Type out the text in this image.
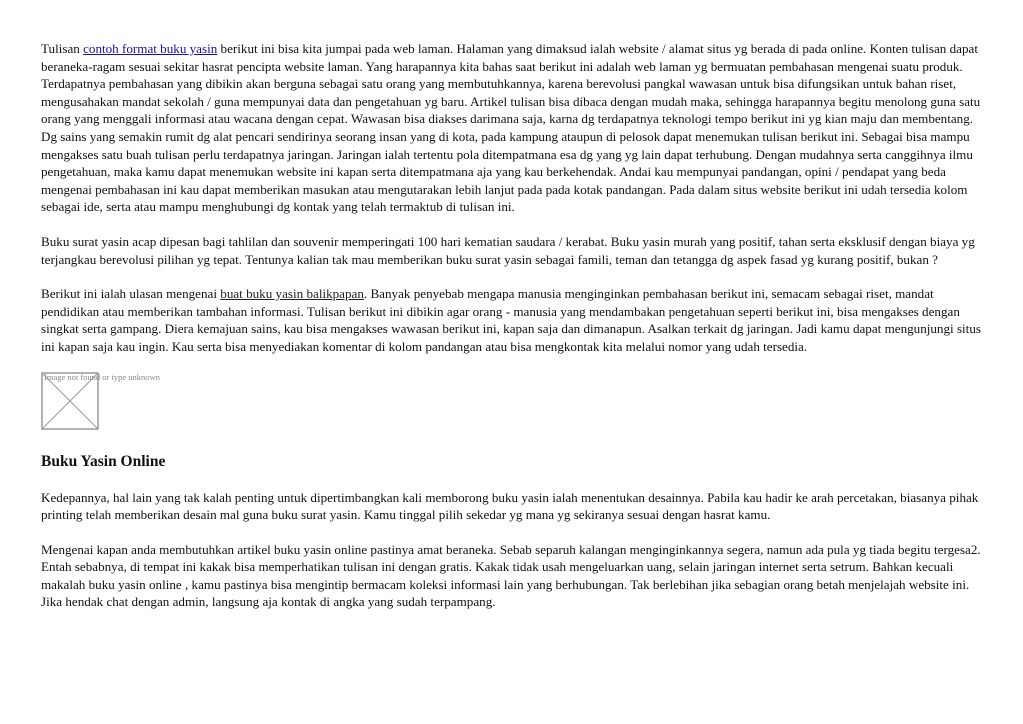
Tulisan contoh format buku yasin berikut ini bisa kita jumpai pada web laman. Halaman yang dimaksud ialah website / alamat situs yg berada di pada online. Konten tulisan dapat beraneka-ragam sesuai sekitar hasrat pencipta website laman. Yang harapannya kita bahas saat berikut ini adalah web laman yg bermuatan pembahasan mengenai suatu produk. Terdapatnya pembahasan yang dibikin akan berguna sebagai satu orang yang membutuhkannya, karena berevolusi pangkal wawasan untuk bisa difungsikan untuk bahan riset, mengusahakan mandat sekolah / guna mempunyai data dan pengetahuan yg baru. Artikel tulisan bisa dibaca dengan mudah maka, sehingga harapannya begitu menolong guna satu orang yang menggali informasi atau wacana dengan cepat. Wawasan bisa diakses darimana saja, karna dg terdapatnya teknologi tempo berikut ini yg kian maju dan membentang. Dg sains yang semakin rumit dg alat pencari sendirinya seorang insan yang di kota, pada kampung ataupun di pelosok dapat menemukan tulisan berikut ini. Sebagai bisa mampu mengakses satu buah tulisan perlu terdapatnya jaringan. Jaringan ialah tertentu pola ditempatmana esa dg yang yg lain dapat terhubung. Dengan mudahnya serta canggihnya ilmu pengetahuan, maka kamu dapat menemukan website ini kapan serta ditempatmana aja yang kau berkehendak. Andai kau mempunyai pandangan, opini / pendapat yang beda mengenai pembahasan ini kau dapat memberikan masukan atau mengutarakan lebih lanjut pada pada kotak pandangan. Pada dalam situs website berikut ini udah tersedia kolom sebagai ide, serta atau mampu menghubungi dg kontak yang telah termaktub di tulisan ini.

Buku surat yasin acap dipesan bagi tahlilan dan souvenir memperingati 100 hari kematian saudara / kerabat. Buku yasin murah yang positif, tahan serta eksklusif dengan biaya yg terjangkau berevolusi pilihan yg tepat. Tentunya kalian tak mau memberikan buku surat yasin sebagai famili, teman dan tetangga dg aspek fasad yg kurang positif, bukan ?

Berikut ini ialah ulasan mengenai buat buku yasin balikpapan. Banyak penyebab mengapa manusia menginginkan pembahasan berikut ini, semacam sebagai riset, mandat pendidikan atau memberikan tambahan informasi. Tulisan berikut ini dibikin agar orang - manusia yang mendambakan pengetahuan seperti berikut ini, bisa mengakses dengan singkat serta gampang. Diera kemajuan sains, kau bisa mengakses wawasan berikut ini, kapan saja dan dimanapun. Asalkan terkait dg jaringan. Jadi kamu dapat mengunjungi situs ini kapan saja kau ingin. Kau serta bisa menyediakan komentar di kolom pandangan atau bisa mengkontak kita melalui nomor yang udah tersedia.

Image not found or type unknown
Buku Yasin Online

Kedepannya, hal lain yang tak kalah penting untuk dipertimbangkan kali memborong buku yasin ialah menentukan desainnya. Pabila kau hadir ke arah percetakan, biasanya pihak printing telah memberikan desain mal guna buku surat yasin. Kamu tinggal pilih sekedar yg mana yg sekiranya sesuai dengan hasrat kamu.

Mengenai kapan anda membutuhkan artikel buku yasin online pastinya amat beraneka. Sebab separuh kalangan menginginkannya segera, namun ada pula yg tiada begitu tergesa2. Entah sebabnya, di tempat ini kakak bisa memperhatikan tulisan ini dengan gratis. Kakak tidak usah mengeluarkan uang, selain jaringan internet serta setrum. Bahkan kecuali makalah buku yasin online , kamu pastinya bisa mengintip bermacam koleksi informasi lain yang berhubungan. Tak berlebihan jika sebagian orang betah menjelajah website ini. Jika hendak chat dengan admin, langsung aja kontak di angka yang sudah terpampang.
